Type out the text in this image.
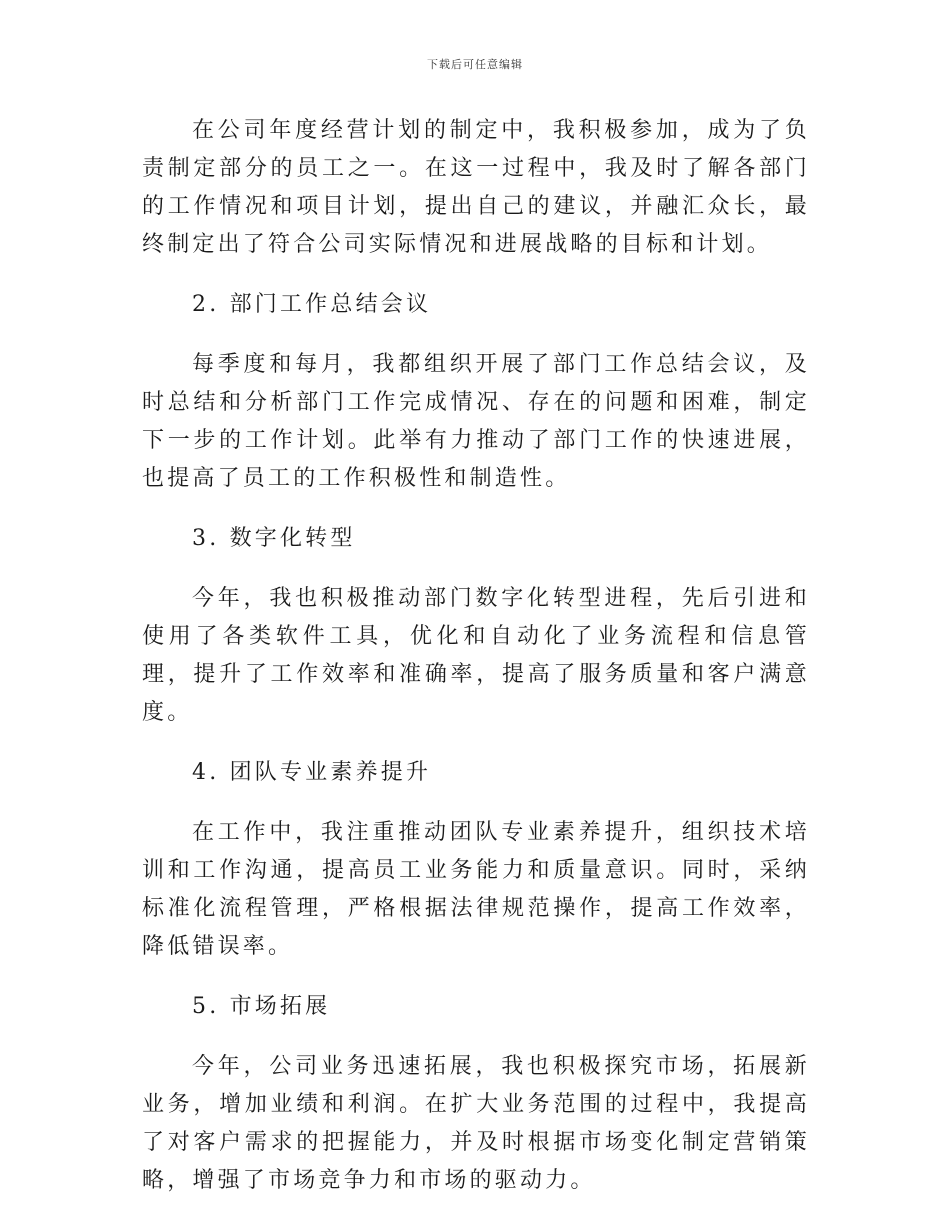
下载后可任意编辑

在公司年度经营计划的制定中，我积极参加，成为了负责制定部分的员工之一。在这一过程中，我及时了解各部门的工作情况和项目计划，提出自己的建议，并融汇众长，最终制定出了符合公司实际情况和进展战略的目标和计划。

2. 部门工作总结会议

每季度和每月，我都组织开展了部门工作总结会议，及时总结和分析部门工作完成情况、存在的问题和困难，制定下一步的工作计划。此举有力推动了部门工作的快速进展，也提高了员工的工作积极性和制造性。

3. 数字化转型

今年，我也积极推动部门数字化转型进程，先后引进和使用了各类软件工具，优化和自动化了业务流程和信息管理，提升了工作效率和准确率，提高了服务质量和客户满意度。

4. 团队专业素养提升

在工作中，我注重推动团队专业素养提升，组织技术培训和工作沟通，提高员工业务能力和质量意识。同时，采纳标准化流程管理，严格根据法律规范操作，提高工作效率，降低错误率。

5. 市场拓展

今年，公司业务迅速拓展，我也积极探究市场，拓展新业务，增加业绩和利润。在扩大业务范围的过程中，我提高了对客户需求的把握能力，并及时根据市场变化制定营销策略，增强了市场竞争力和市场的驱动力。
